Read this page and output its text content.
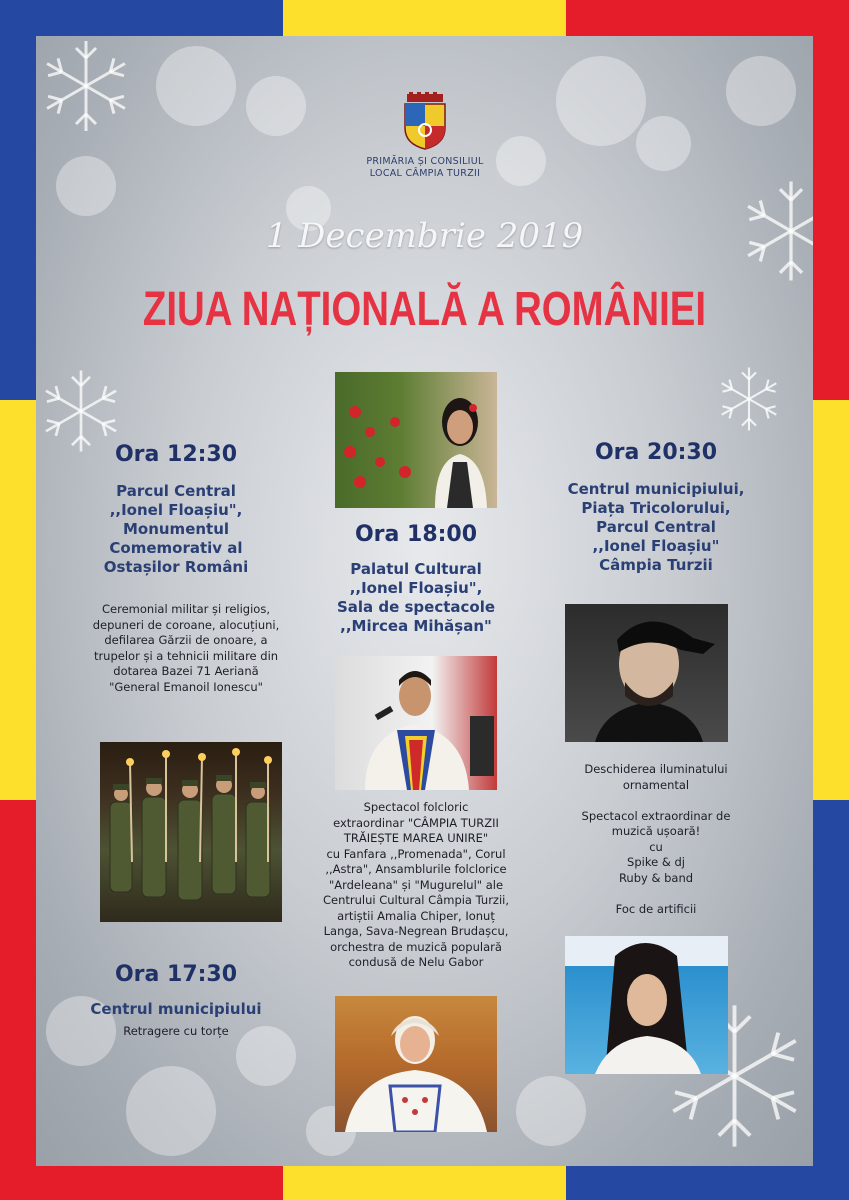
PRIMĂRIA ȘI CONSILIUL
LOCAL CÂMPIA TURZII
1 Decembrie 2019
ZIUA NAȚIONALĂ A ROMÂNIEI
Ora 12:30
Parcul Central
,,Ionel Floașiu",
Monumentul
Comemorativ al
Ostașilor Români
Ceremonial militar și religios,
depuneri de coroane, alocuțiuni,
defilarea Gărzii de onoare, a
trupelor și a tehnicii militare din
dotarea Bazei 71 Aeriană
"General Emanoil Ionescu"
Ora 17:30
Centrul municipiului
Retragere cu torțe
Ora 18:00
Palatul Cultural
,,Ionel Floașiu",
Sala de spectacole
,,Mircea Mihășan"
Spectacol folcloric
extraordinar "CÂMPIA TURZII
TRĂIEȘTE MAREA UNIRE"
cu Fanfara ,,Promenada", Corul
,,Astra", Ansamblurile folclorice
"Ardeleana" și "Mugurelul" ale
Centrului Cultural Câmpia Turzii,
artiștii Amalia Chiper, Ionuț
Langa, Sava-Negrean Brudașcu,
orchestra de muzică populară
condusă de Nelu Gabor
Ora 20:30
Centrul municipiului,
Piața Tricolorului,
Parcul Central
,,Ionel Floașiu"
Câmpia Turzii
Deschiderea iluminatului
ornamental

Spectacol extraordinar de
muzică ușoară!
cu
Spike & dj
Ruby & band

Foc de artificii
